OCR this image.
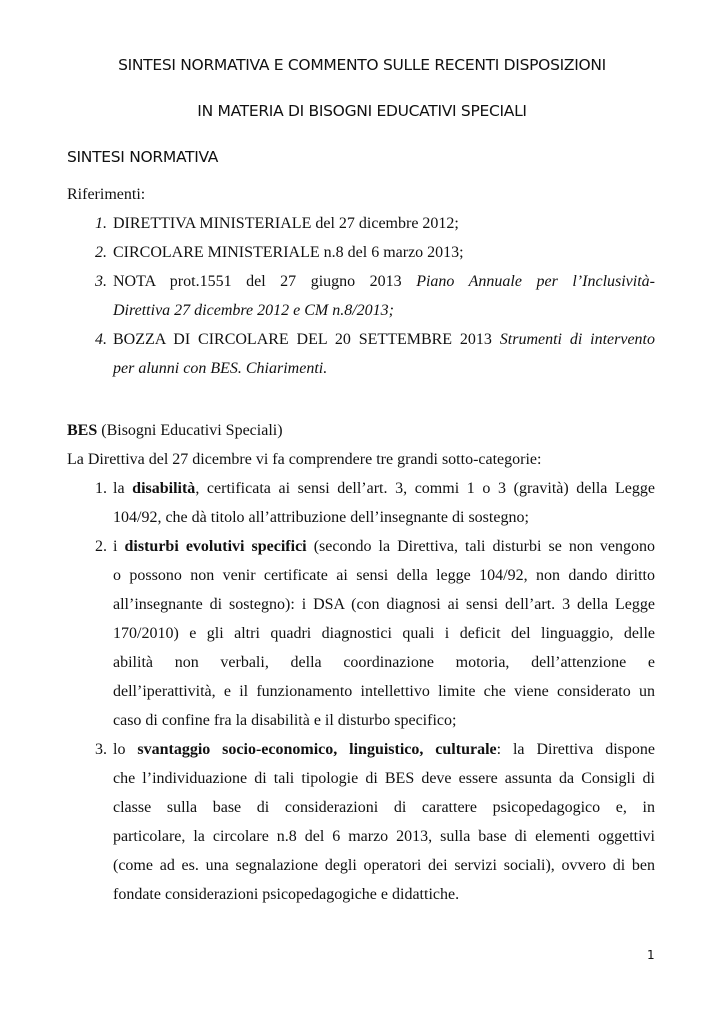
SINTESI NORMATIVA E COMMENTO SULLE RECENTI DISPOSIZIONI
IN MATERIA DI BISOGNI EDUCATIVI SPECIALI
SINTESI NORMATIVA
Riferimenti:
1. DIRETTIVA MINISTERIALE del 27 dicembre 2012;
2. CIRCOLARE MINISTERIALE n.8 del 6 marzo 2013;
3. NOTA prot.1551 del 27 giugno 2013 Piano Annuale per l’Inclusività-
Direttiva 27 dicembre 2012 e CM n.8/2013;
4. BOZZA DI CIRCOLARE DEL 20 SETTEMBRE 2013 Strumenti di intervento
per alunni con BES. Chiarimenti.
BES (Bisogni Educativi Speciali)
La Direttiva del 27 dicembre vi fa comprendere tre grandi sotto-categorie:
1. la disabilità, certificata ai sensi dell’art. 3, commi 1 o 3 (gravità) della Legge
104/92, che dà titolo all’attribuzione dell’insegnante di sostegno;
2. i disturbi evolutivi specifici (secondo la Direttiva, tali disturbi se non vengono
o possono non venir certificate ai sensi della legge 104/92, non dando diritto
all’insegnante di sostegno): i DSA (con diagnosi ai sensi dell’art. 3 della Legge
170/2010) e gli altri quadri diagnostici quali i deficit del linguaggio, delle
abilità non verbali, della coordinazione motoria, dell’attenzione e
dell’iperattività, e il funzionamento intellettivo limite che viene considerato un
caso di confine fra la disabilità e il disturbo specifico;
3. lo svantaggio socio-economico, linguistico, culturale: la Direttiva dispone
che l’individuazione di tali tipologie di BES deve essere assunta da Consigli di
classe sulla base di considerazioni di carattere psicopedagogico e, in
particolare, la circolare n.8 del 6 marzo 2013, sulla base di elementi oggettivi
(come ad es. una segnalazione degli operatori dei servizi sociali), ovvero di ben
fondate considerazioni psicopedagogiche e didattiche.
1
